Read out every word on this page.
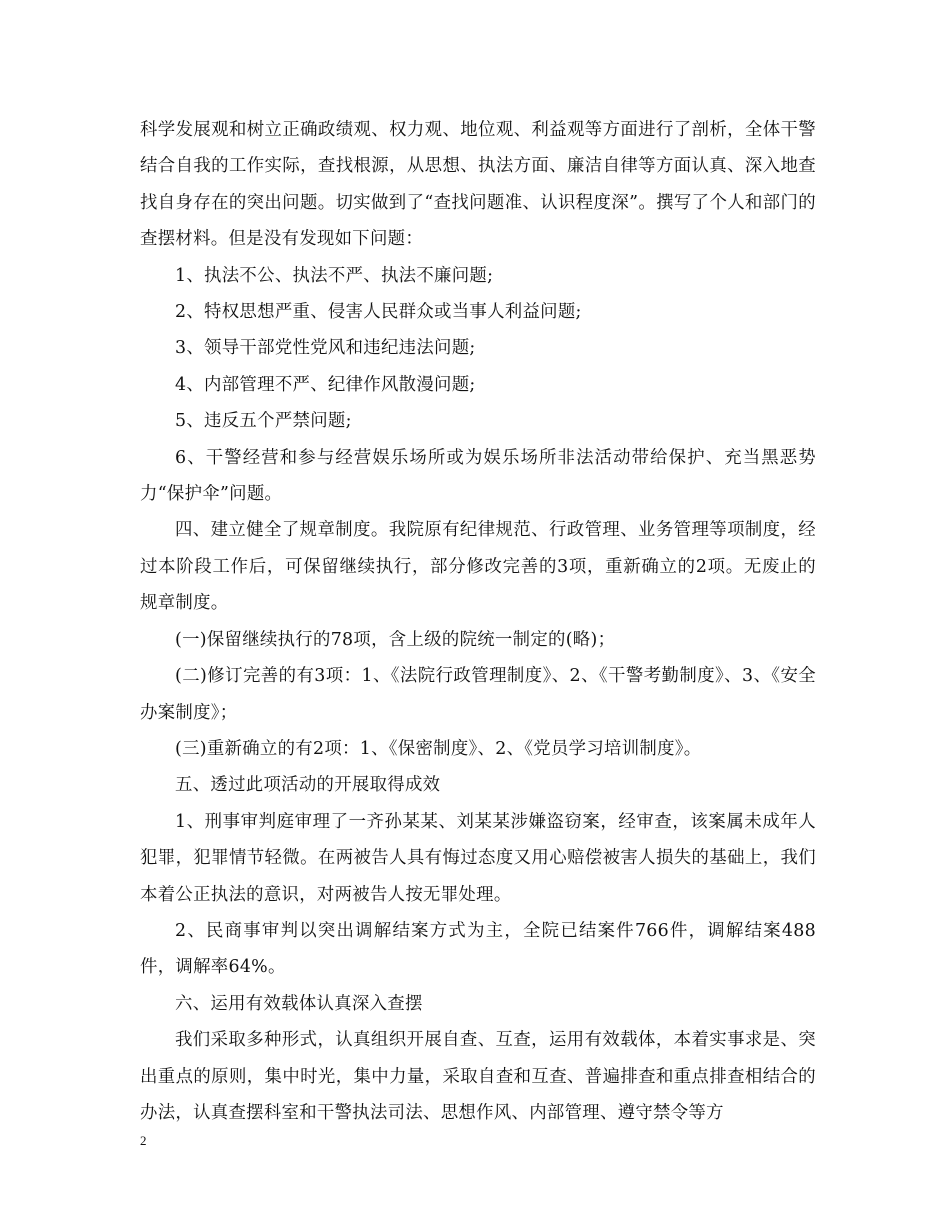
科学发展观和树立正确政绩观、权力观、地位观、利益观等方面进行了剖析，全体干警结合自我的工作实际，查找根源，从思想、执法方面、廉洁自律等方面认真、深入地查找自身存在的突出问题。切实做到了“查找问题准、认识程度深”。撰写了个人和部门的查摆材料。但是没有发现如下问题：

1、执法不公、执法不严、执法不廉问题;

2、特权思想严重、侵害人民群众或当事人利益问题;

3、领导干部党性党风和违纪违法问题;

4、内部管理不严、纪律作风散漫问题;

5、违反五个严禁问题;

6、干警经营和参与经营娱乐场所或为娱乐场所非法活动带给保护、充当黑恶势力“保护伞”问题。

四、建立健全了规章制度。我院原有纪律规范、行政管理、业务管理等项制度，经过本阶段工作后，可保留继续执行，部分修改完善的3项，重新确立的2项。无废止的规章制度。

(一)保留继续执行的78项，含上级的院统一制定的(略)；

(二)修订完善的有3项：1、《法院行政管理制度》、2、《干警考勤制度》、3、《安全办案制度》；

(三)重新确立的有2项：1、《保密制度》、2、《党员学习培训制度》。

五、透过此项活动的开展取得成效

1、刑事审判庭审理了一齐孙某某、刘某某涉嫌盗窃案，经审查，该案属未成年人犯罪，犯罪情节轻微。在两被告人具有悔过态度又用心赔偿被害人损失的基础上，我们本着公正执法的意识，对两被告人按无罪处理。

2、民商事审判以突出调解结案方式为主，全院已结案件766件，调解结案488件，调解率64%。

六、运用有效载体认真深入查摆

我们采取多种形式，认真组织开展自查、互查，运用有效载体，本着实事求是、突出重点的原则，集中时光，集中力量，采取自查和互查、普遍排查和重点排查相结合的办法，认真查摆科室和干警执法司法、思想作风、内部管理、遵守禁令等方

2
